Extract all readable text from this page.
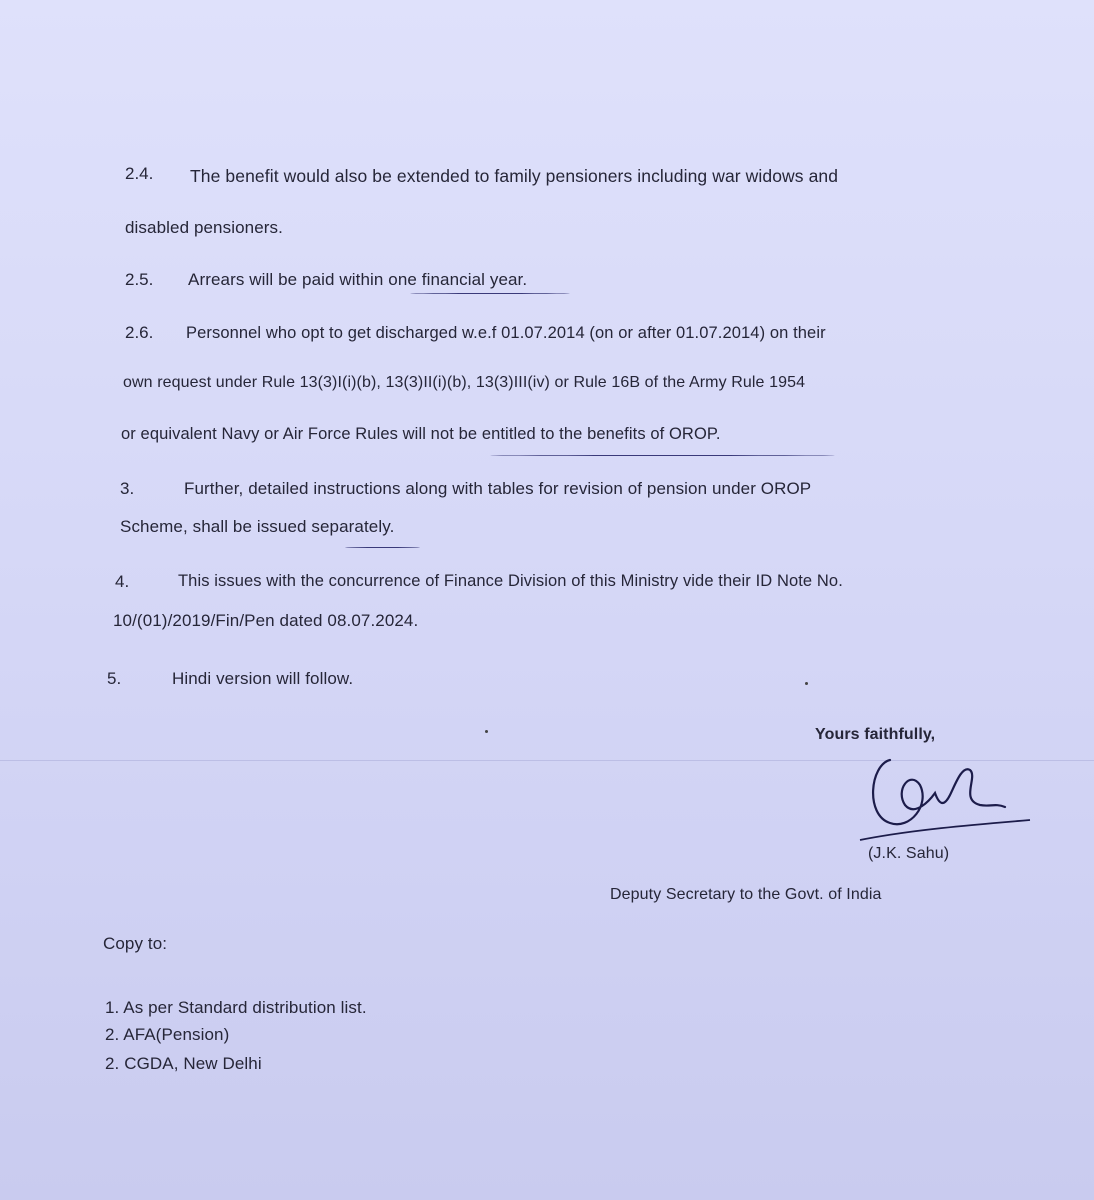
2.4. The benefit would also be extended to family pensioners including war widows and
disabled pensioners.
2.5. Arrears will be paid within one financial year.
2.6. Personnel who opt to get discharged w.e.f 01.07.2014 (on or after 01.07.2014) on their
own request under Rule 13(3)I(i)(b), 13(3)II(i)(b), 13(3)III(iv) or Rule 16B of the Army Rule 1954
or equivalent Navy or Air Force Rules will not be entitled to the benefits of OROP.
3.	Further, detailed instructions along with tables for revision of pension under OROP
Scheme, shall be issued separately.
4.	This issues with the concurrence of Finance Division of this Ministry vide their ID Note No.
10/(01)/2019/Fin/Pen dated 08.07.2024.
5.	Hindi version will follow.
Yours faithfully,
(J.K. Sahu)
Deputy Secretary to the Govt. of India
Copy to:
1. As per Standard distribution list.
2. AFA(Pension)
2. CGDA, New Delhi
